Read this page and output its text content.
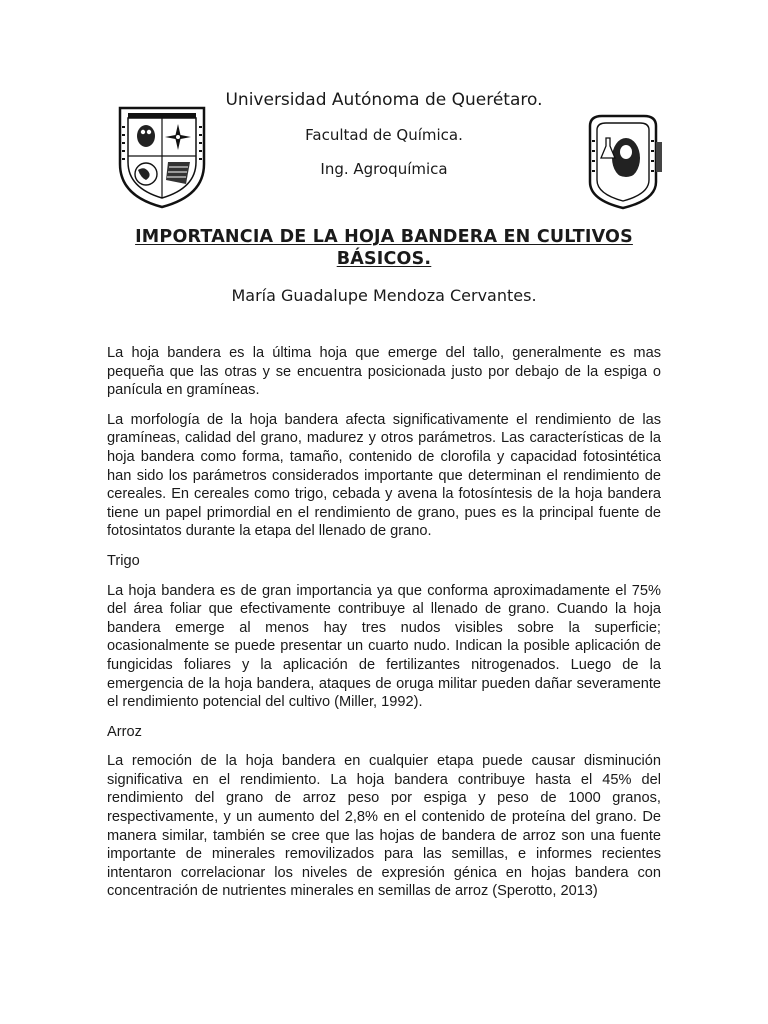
Universidad Autónoma de Querétaro.
Facultad de Química.
Ing. Agroquímica
IMPORTANCIA DE LA HOJA BANDERA EN CULTIVOS BÁSICOS.
María Guadalupe Mendoza Cervantes.

La hoja bandera es la última hoja que emerge del tallo, generalmente es mas pequeña que las otras y se encuentra posicionada justo por debajo de la espiga o panícula en gramíneas.

La morfología de la hoja bandera afecta significativamente el rendimiento de las gramíneas, calidad del grano, madurez y otros parámetros. Las características de la hoja bandera como forma, tamaño, contenido de clorofila y capacidad fotosintética han sido los parámetros considerados importante que determinan el rendimiento de cereales. En cereales como trigo, cebada y avena la fotosíntesis de la hoja bandera tiene un papel primordial en el rendimiento de grano, pues es la principal fuente de fotosintatos durante la etapa del llenado de grano.

Trigo

La hoja bandera es de gran importancia ya que conforma aproximadamente el 75% del área foliar que efectivamente contribuye al llenado de grano. Cuando la hoja bandera emerge al menos hay tres nudos visibles sobre la superficie; ocasionalmente se puede presentar un cuarto nudo. Indican la posible aplicación de fungicidas foliares y la aplicación de fertilizantes nitrogenados. Luego de la emergencia de la hoja bandera, ataques de oruga militar pueden dañar severamente el rendimiento potencial del cultivo (Miller, 1992).

Arroz

La remoción de la hoja bandera en cualquier etapa puede causar disminución significativa en el rendimiento. La hoja bandera contribuye hasta el 45% del rendimiento del grano de arroz peso por espiga y peso de 1000 granos, respectivamente, y un aumento del 2,8% en el contenido de proteína del grano. De manera similar, también se cree que las hojas de bandera de arroz son una fuente importante de minerales removilizados para las semillas, e informes recientes intentaron correlacionar los niveles de expresión génica en hojas bandera con concentración de nutrientes minerales en semillas de arroz (Sperotto, 2013)
